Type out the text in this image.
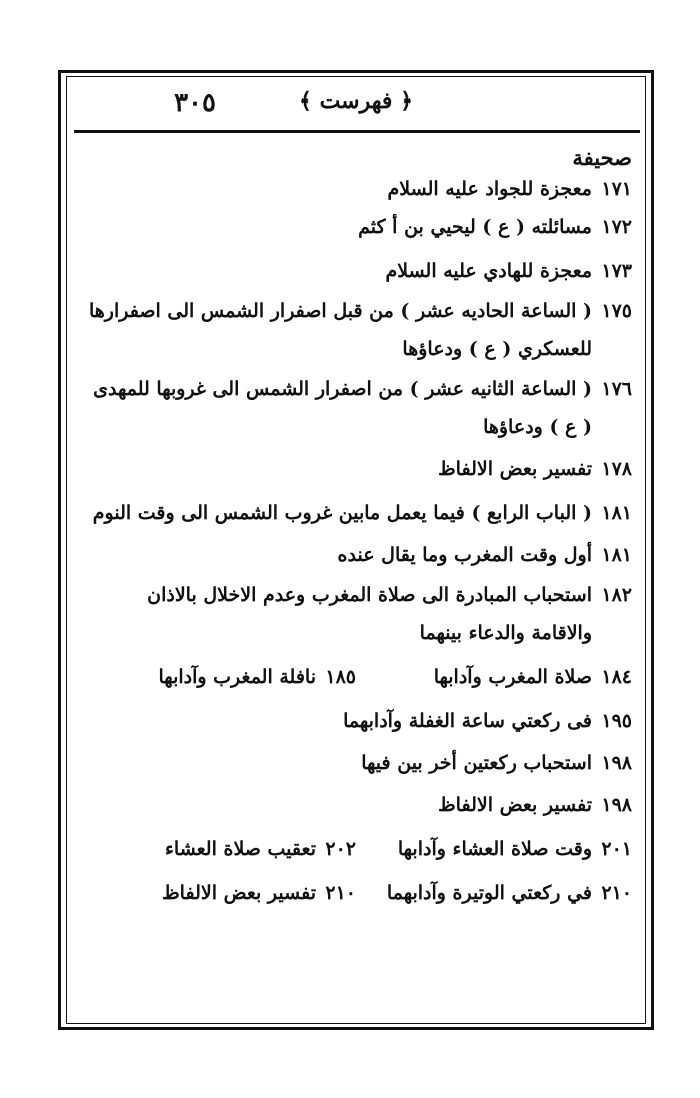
﴿ فهرست ﴾
٣٠٥
صحيفة
١٧١
معجزة للجواد عليه السلام
١٧٢
مسائلته ( ع ) ليحيي بن أ كثم
١٧٣
معجزة للهادي عليه السلام
١٧٥
( الساعة الحاديه عشر ) من قبل اصفرار الشمس الى اصفرارها
للعسكري ( ع ) ودعاؤها
١٧٦
( الساعة الثانيه عشر ) من اصفرار الشمس الى غروبها للمهدى
( ع ) ودعاؤها
١٧٨
تفسير بعض الالفاظ
١٨١
( الباب الرابع ) فيما يعمل مابين غروب الشمس الى وقت النوم
١٨١
أول وقت المغرب وما يقال عنده
١٨٢
استحباب المبادرة الى صلاة المغرب وعدم الاخلال بالاذان
والاقامة والدعاء بينهما
١٨٤
صلاة المغرب وآدابها
١٨٥
نافلة المغرب وآدابها
١٩٥
فى ركعتي ساعة الغفلة وآدابهما
١٩٨
استحباب ركعتين أخر بين فيها
١٩٨
تفسير بعض الالفاظ
٢٠١
وقت صلاة العشاء وآدابها
٢٠٢
تعقيب صلاة العشاء
٢١٠
في ركعتي الوتيرة وآدابهما
٢١٠
تفسير بعض الالفاظ
